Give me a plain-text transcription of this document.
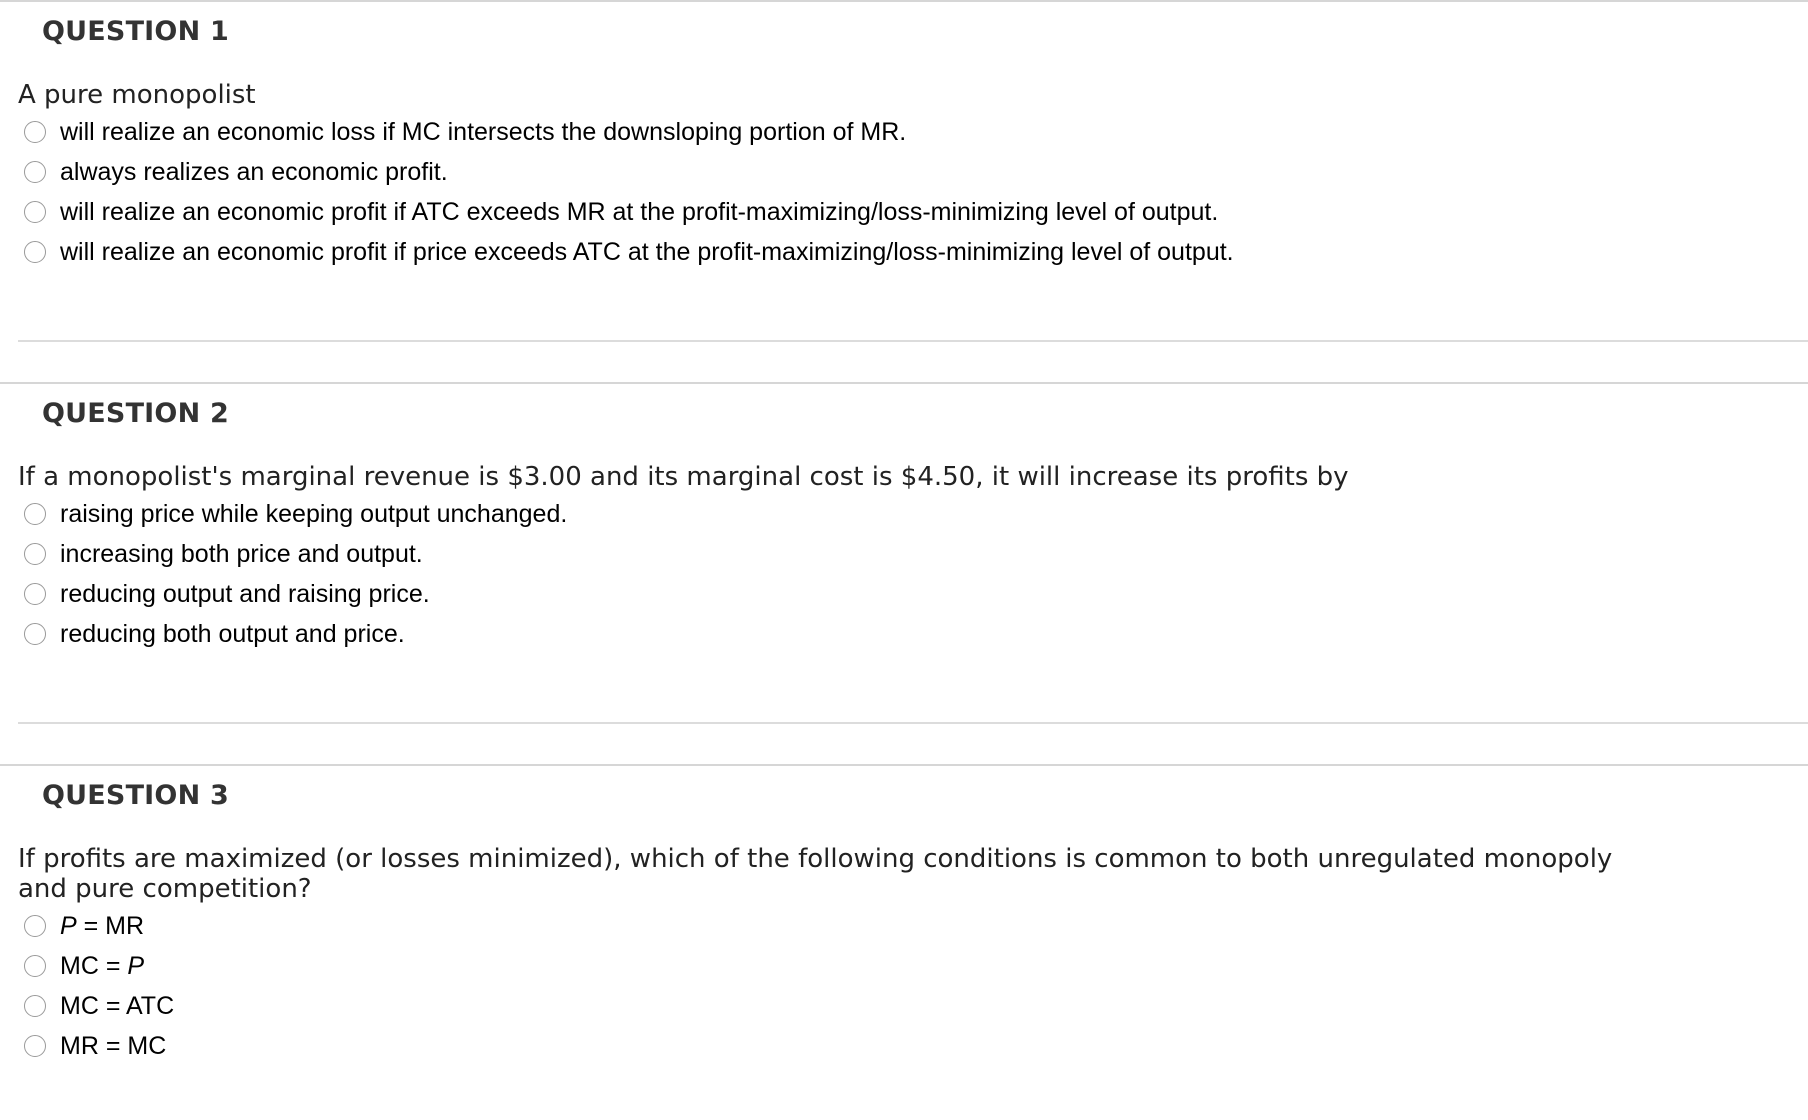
QUESTION 1
A pure monopolist
will realize an economic loss if MC intersects the downsloping portion of MR.
always realizes an economic profit.
will realize an economic profit if ATC exceeds MR at the profit-maximizing/loss-minimizing level of output.
will realize an economic profit if price exceeds ATC at the profit-maximizing/loss-minimizing level of output.
QUESTION 2
If a monopolist's marginal revenue is $3.00 and its marginal cost is $4.50, it will increase its profits by
raising price while keeping output unchanged.
increasing both price and output.
reducing output and raising price.
reducing both output and price.
QUESTION 3
If profits are maximized (or losses minimized), which of the following conditions is common to both unregulated monopoly and pure competition?
P = MR
MC = P
MC = ATC
MR = MC
